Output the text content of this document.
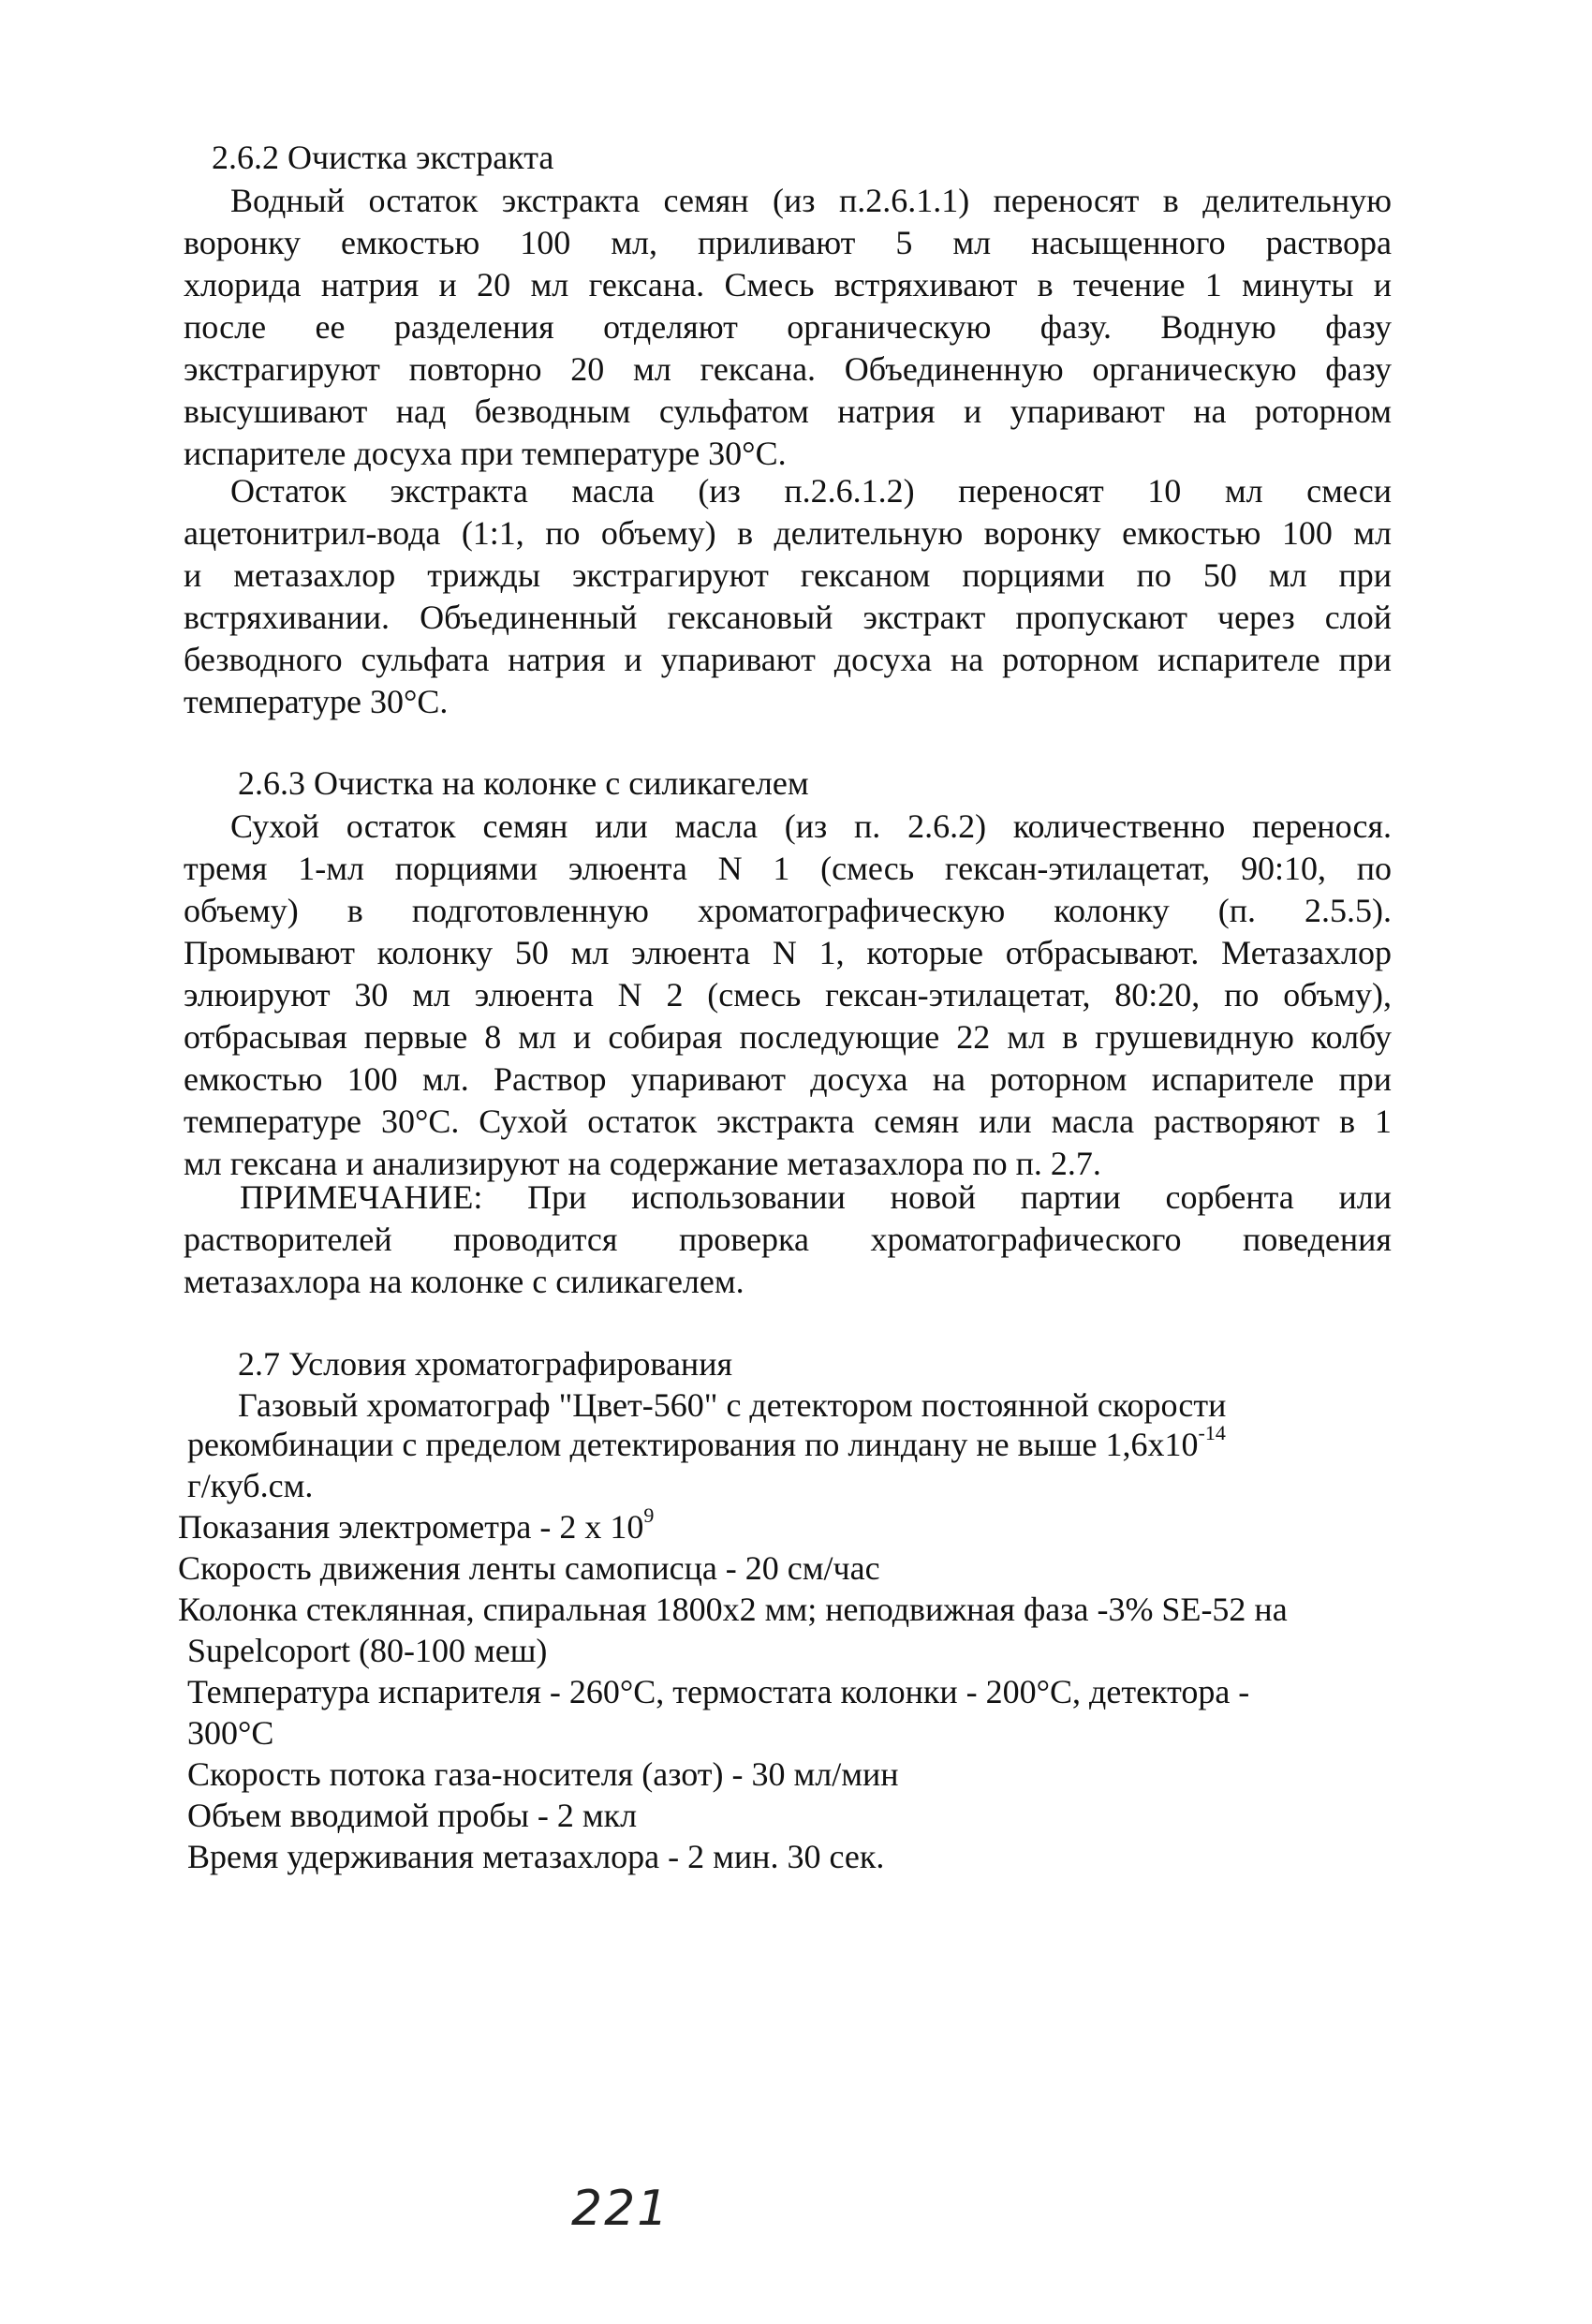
2.6.2 Очистка экстракта
Водный остаток экстракта семян (из п.2.6.1.1) переносят в делительную
воронку емкостью 100 мл, приливают 5 мл насыщенного раствора
хлорида натрия и 20 мл гексана. Смесь встряхивают в течение 1 минуты и
после ее разделения отделяют органическую фазу. Водную фазу
экстрагируют повторно 20 мл гексана. Объединенную органическую фазу
высушивают над безводным сульфатом натрия и упаривают на роторном
испарителе досуха при температуре 30°С.
Остаток экстракта масла (из п.2.6.1.2) переносят 10 мл смеси
ацетонитрил-вода (1:1, по объему) в делительную воронку емкостью 100 мл
и метазахлор трижды экстрагируют гексаном порциями по 50 мл при
встряхивании. Объединенный гексановый экстракт пропускают через слой
безводного сульфата натрия и упаривают досуха на роторном испарителе при
температуре 30°С.
2.6.3 Очистка на колонке с силикагелем
Сухой остаток семян или масла (из п. 2.6.2) количественно перенося.
тремя 1-мл порциями элюента N 1 (смесь гексан-этилацетат, 90:10, по
объему) в подготовленную хроматографическую колонку (п. 2.5.5).
Промывают колонку 50 мл элюента N 1, которые отбрасывают. Метазахлор
элюируют 30 мл элюента N 2 (смесь гексан-этилацетат, 80:20, по объму),
отбрасывая первые 8 мл и собирая последующие 22 мл в грушевидную колбу
емкостью 100 мл. Раствор упаривают досуха на роторном испарителе при
температуре 30°С. Сухой остаток экстракта семян или масла растворяют в 1
мл гексана и анализируют на содержание метазахлора по п. 2.7.
ПРИМЕЧАНИЕ: При использовании новой партии сорбента или
растворителей проводится проверка хроматографического поведения
метазахлора на колонке с силикагелем.
2.7 Условия хроматографирования
Газовый хроматограф "Цвет-560" с детектором постоянной скорости
рекомбинации с пределом детектирования по линдану не выше $1,6х10^{-14}$
г/куб.см.
Показания электрометра - 2 х $10^9$
Скорость движения ленты самописца - 20 см/час
Колонка стеклянная, спиральная 1800х2 мм; неподвижная фаза -3% SE-52 на
Supelcoport (80-100 меш)
Температура испарителя - 260°С, термостата колонки - 200°С, детектора -
300°С
Скорость потока газа-носителя (азот) - 30 мл/мин
Объем вводимой пробы - 2 мкл
Время удерживания метазахлора - 2 мин. 30 сек.
221
